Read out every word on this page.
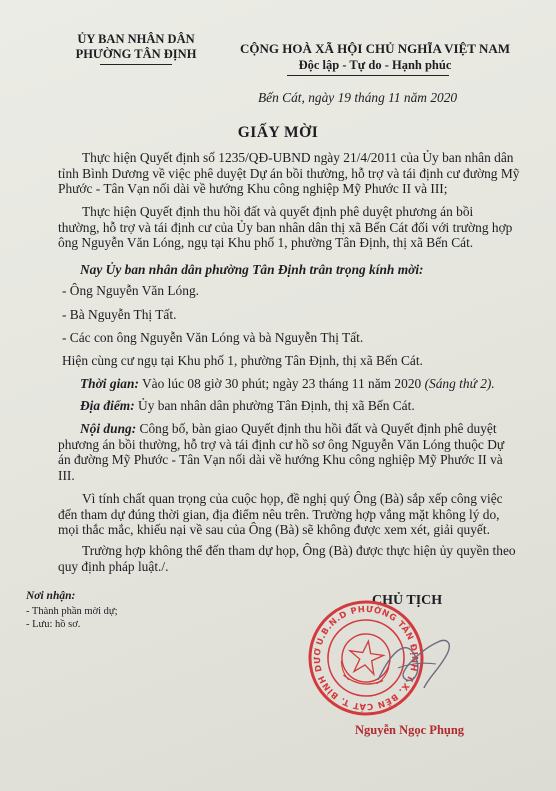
ỦY BAN NHÂN DÂN
PHƯỜNG TÂN ĐỊNH	CỘNG HOÀ XÃ HỘI CHỦ NGHĨA VIỆT NAM
Độc lập - Tự do - Hạnh phúc
Bến Cát, ngày 19 tháng 11 năm 2020
GIẤY MỜI
Thực hiện Quyết định số 1235/QĐ-UBND ngày 21/4/2011 của Ủy ban nhân dân
tỉnh Bình Dương về việc phê duyệt Dự án bồi thường, hỗ trợ và tái định cư đường Mỹ
Phước - Tân Vạn nối dài về hướng Khu công nghiệp Mỹ Phước II và III;
Thực hiện Quyết định thu hồi đất và quyết định phê duyệt phương án bồi
thường, hỗ trợ và tái định cư của Ủy ban nhân dân thị xã Bến Cát đối với trường hợp
ông Nguyễn Văn Lóng, ngụ tại Khu phố 1, phường Tân Định, thị xã Bến Cát.
Nay Ủy ban nhân dân phường Tân Định trân trọng kính mời:
- Ông Nguyễn Văn Lóng.
- Bà Nguyễn Thị Tất.
- Các con ông Nguyễn Văn Lóng và bà Nguyễn Thị Tất.
Hiện cùng cư ngụ tại Khu phố 1, phường Tân Định, thị xã Bến Cát.
Thời gian: Vào lúc 08 giờ 30 phút; ngày 23 tháng 11 năm 2020 (Sáng thứ 2).
Địa điểm: Ủy ban nhân dân phường Tân Định, thị xã Bến Cát.
Nội dung: Công bố, bàn giao Quyết định thu hồi đất và Quyết định phê duyệt
phương án bồi thường, hỗ trợ và tái định cư hồ sơ ông Nguyễn Văn Lóng thuộc Dự
án đường Mỹ Phước - Tân Vạn nối dài về hướng Khu công nghiệp Mỹ Phước II và
III.
Vì tính chất quan trọng của cuộc họp, đề nghị quý Ông (Bà) sắp xếp công việc
đến tham dự đúng thời gian, địa điểm nêu trên. Trường hợp vắng mặt không lý do,
mọi thắc mắc, khiếu nại về sau của Ông (Bà) sẽ không được xem xét, giải quyết.
Trường hợp không thể đến tham dự họp, Ông (Bà) được thực hiện ủy quyền theo
quy định pháp luật./.
Nơi nhận:
- Thành phần mời dự;
- Lưu: hồ sơ.
CHỦ TỊCH
U.B.N.D PHƯỜNG TÂN ĐỊNH T.X. BẾN CÁT T. BÌNH DƯƠNG
Nguyễn Ngọc Phụng
